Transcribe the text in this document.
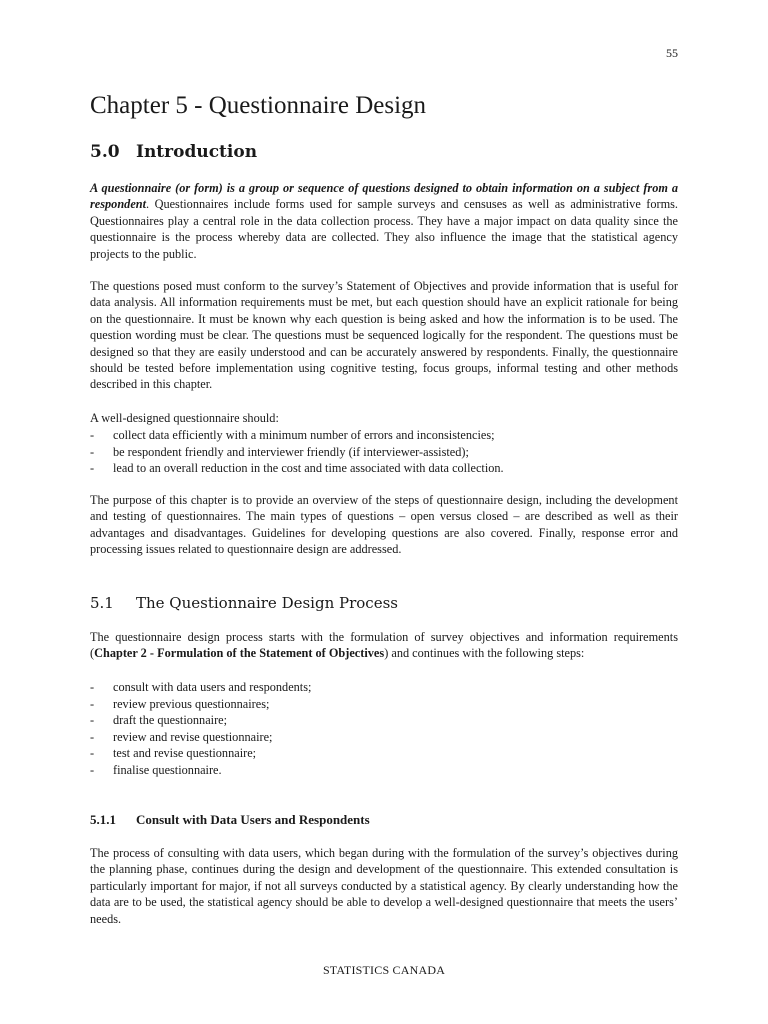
55
Chapter 5 - Questionnaire Design
5.0 Introduction

A questionnaire (or form) is a group or sequence of questions designed to obtain information on a subject from a respondent. Questionnaires include forms used for sample surveys and censuses as well as administrative forms. Questionnaires play a central role in the data collection process. They have a major impact on data quality since the questionnaire is the process whereby data are collected. They also influence the image that the statistical agency projects to the public.

The questions posed must conform to the survey’s Statement of Objectives and provide information that is useful for data analysis. All information requirements must be met, but each question should have an explicit rationale for being on the questionnaire. It must be known why each question is being asked and how the information is to be used. The question wording must be clear. The questions must be sequenced logically for the respondent. The questions must be designed so that they are easily understood and can be accurately answered by respondents. Finally, the questionnaire should be tested before implementation using cognitive testing, focus groups, informal testing and other methods described in this chapter.

A well-designed questionnaire should:

- collect data efficiently with a minimum number of errors and inconsistencies;
- be respondent friendly and interviewer friendly (if interviewer-assisted);
- lead to an overall reduction in the cost and time associated with data collection.

The purpose of this chapter is to provide an overview of the steps of questionnaire design, including the development and testing of questionnaires. The main types of questions – open versus closed – are described as well as their advantages and disadvantages. Guidelines for developing questions are also covered. Finally, response error and processing issues related to questionnaire design are addressed.

5.1 The Questionnaire Design Process

The questionnaire design process starts with the formulation of survey objectives and information requirements (Chapter 2 - Formulation of the Statement of Objectives) and continues with the following steps:

- consult with data users and respondents;
- review previous questionnaires;
- draft the questionnaire;
- review and revise questionnaire;
- test and revise questionnaire;
- finalise questionnaire.
5.1.1 Consult with Data Users and Respondents

The process of consulting with data users, which began during with the formulation of the survey’s objectives during the planning phase, continues during the design and development of the questionnaire. This extended consultation is particularly important for major, if not all surveys conducted by a statistical agency. By clearly understanding how the data are to be used, the statistical agency should be able to develop a well-designed questionnaire that meets the users’ needs.

STATISTICS CANADA
